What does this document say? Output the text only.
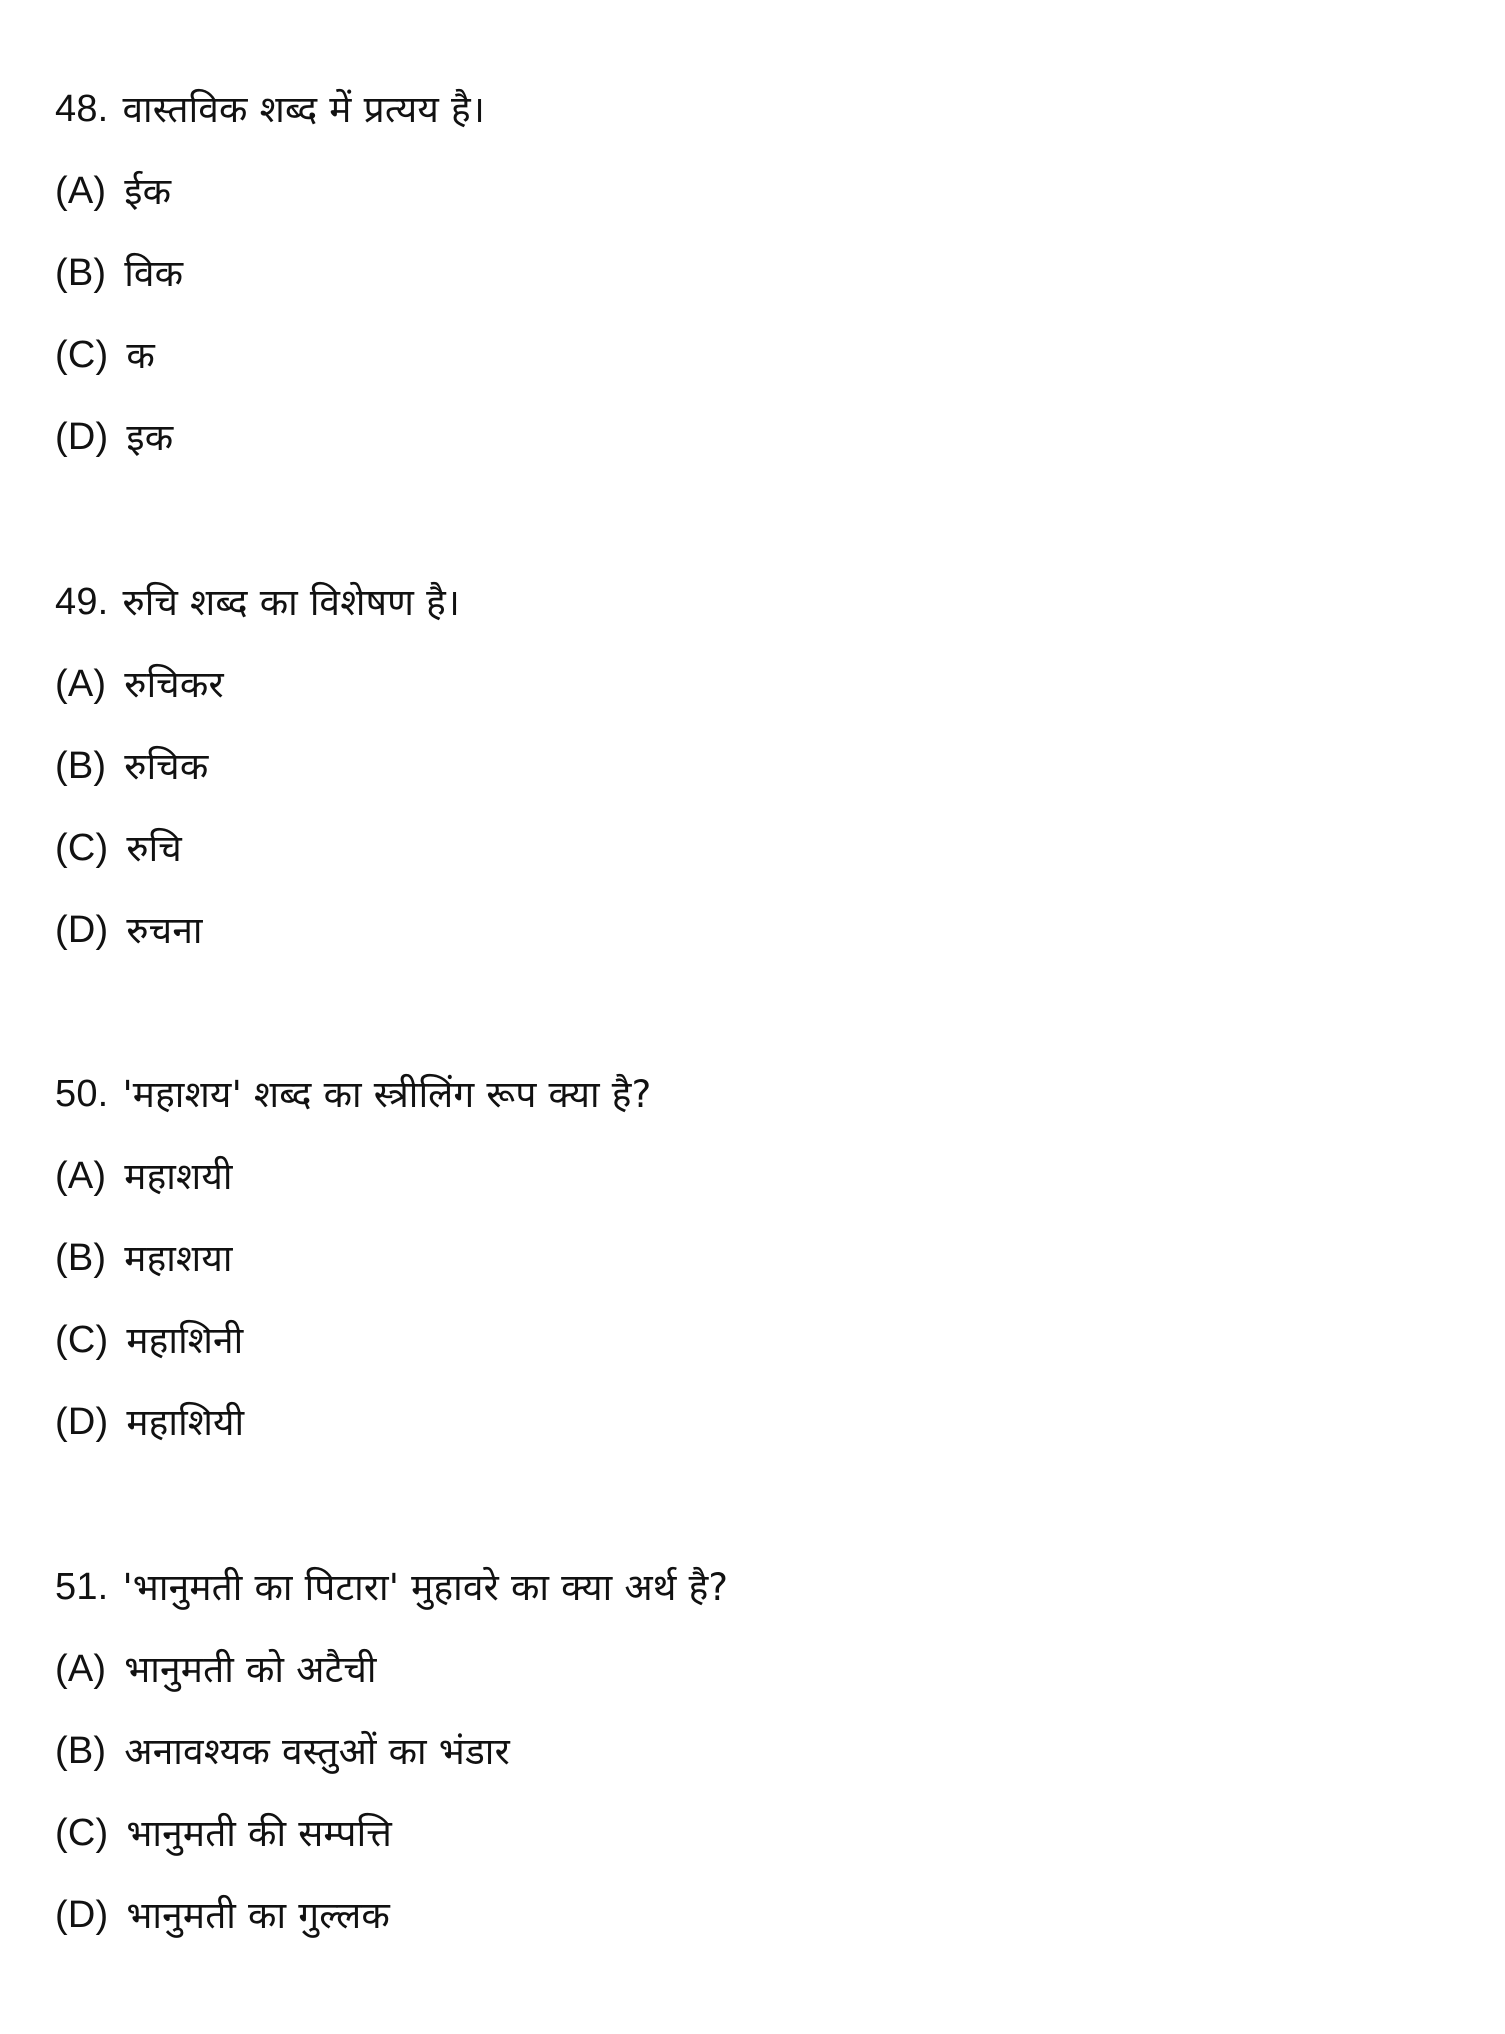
48. वास्तविक शब्द में प्रत्यय है।
(A) ईक
(B) विक
(C) क
(D) इक
49. रुचि शब्द का विशेषण है।
(A) रुचिकर
(B) रुचिक
(C) रुचि
(D) रुचना
50. 'महाशय' शब्द का स्त्रीलिंग रूप क्या है?
(A) महाशयी
(B) महाशया
(C) महाशिनी
(D) महाशियी
51. 'भानुमती का पिटारा' मुहावरे का क्या अर्थ है?
(A) भानुमती को अटैची
(B) अनावश्यक वस्तुओं का भंडार
(C) भानुमती की सम्पत्ति
(D) भानुमती का गुल्लक
